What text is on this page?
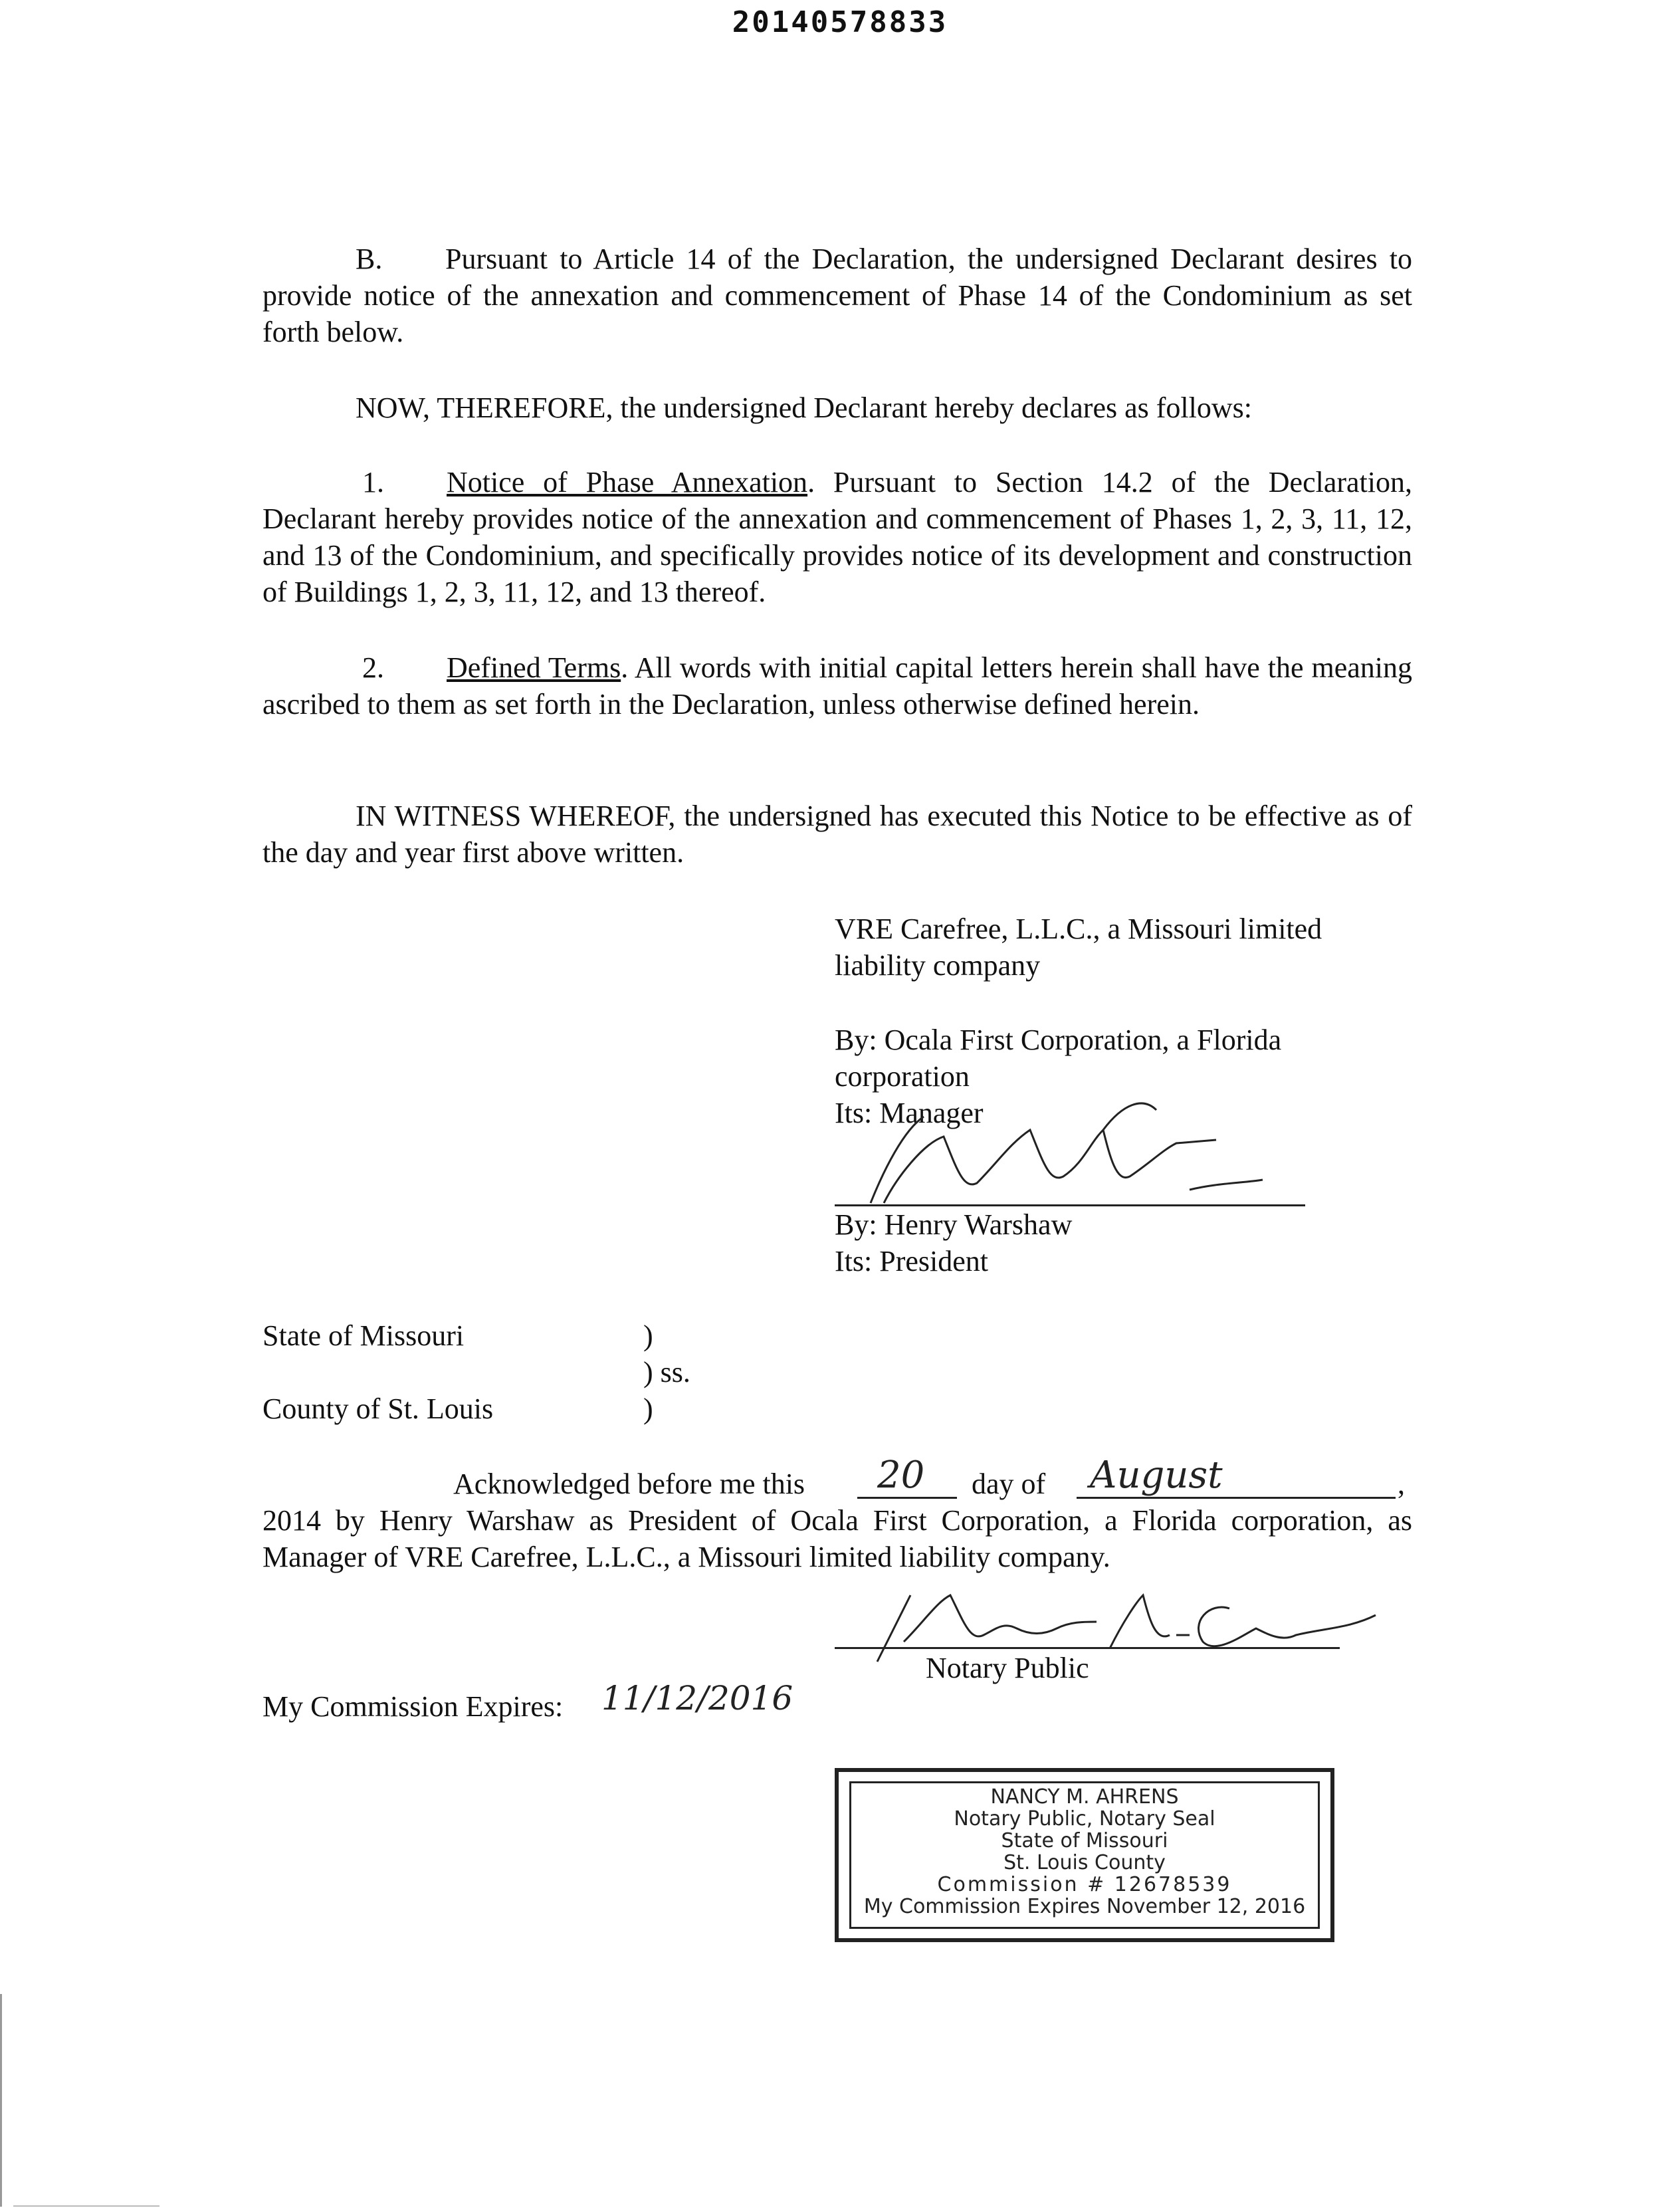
20140578833

B. Pursuant to Article 14 of the Declaration, the undersigned Declarant desires to provide notice of the annexation and commencement of Phase 14 of the Condominium as set forth below.

NOW, THEREFORE, the undersigned Declarant hereby declares as follows:

1. Notice of Phase Annexation. Pursuant to Section 14.2 of the Declaration, Declarant hereby provides notice of the annexation and commencement of Phases 1, 2, 3, 11, 12, and 13 of the Condominium, and specifically provides notice of its development and construction of Buildings 1, 2, 3, 11, 12, and 13 thereof.

2. Defined Terms. All words with initial capital letters herein shall have the meaning ascribed to them as set forth in the Declaration, unless otherwise defined herein.

IN WITNESS WHEREOF, the undersigned has executed this Notice to be effective as of the day and year first above written.

VRE Carefree, L.L.C., a Missouri limited
liability company
By: Ocala First Corporation, a Florida
corporation
Its: Manager
By: Henry Warshaw
Its: President
State of Missouri	)
) ss.
County of St. Louis	)
Acknowledged before me this 20 day of August	,

2014 by Henry Warshaw as President of Ocala First Corporation, a Florida corporation, as Manager of VRE Carefree, L.L.C., a Missouri limited liability company.

Notary Public
My Commission Expires: 11/12/2016
NANCY M. AHRENS
Notary Public, Notary Seal
State of Missouri
St. Louis County
Commission # 12678539
My Commission Expires November 12, 2016
